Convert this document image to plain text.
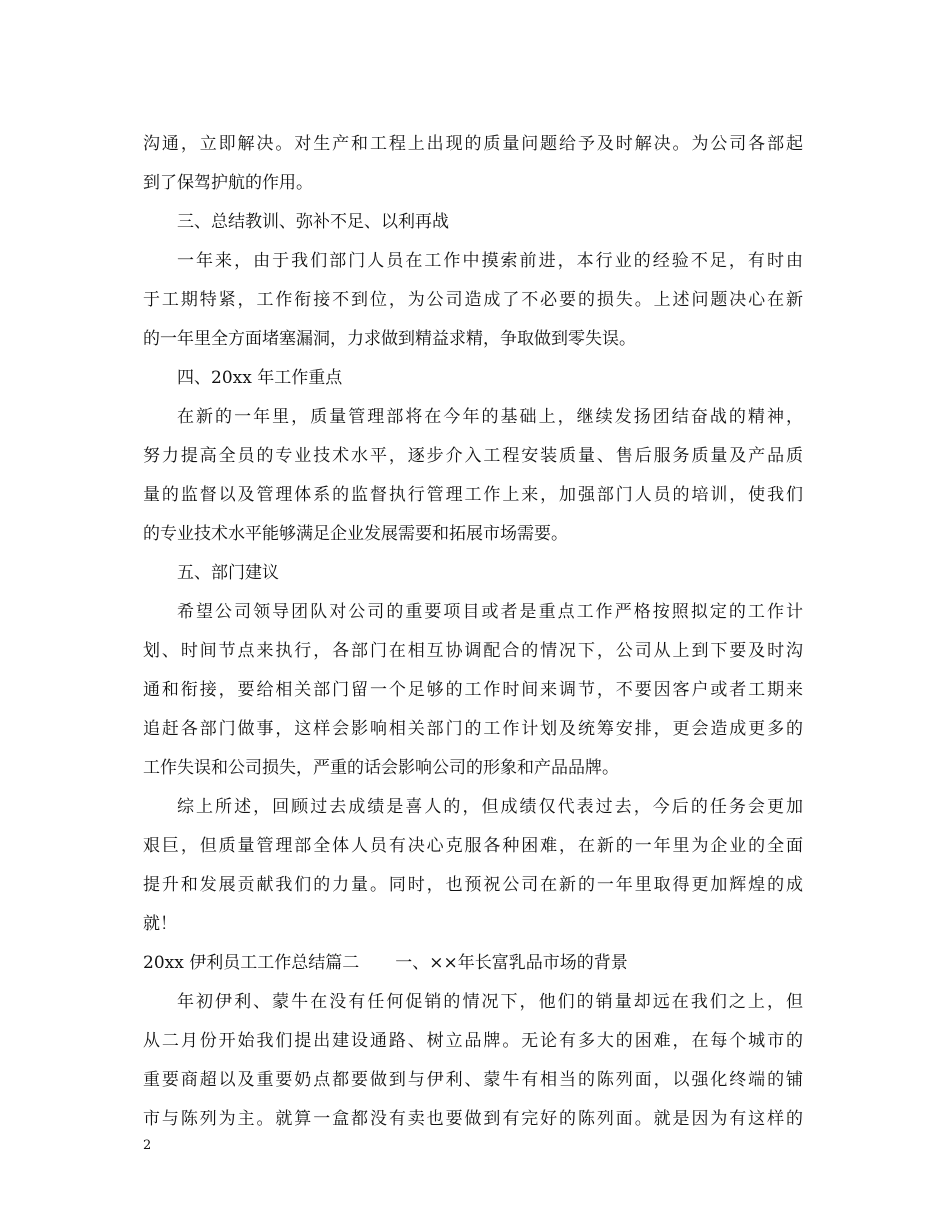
沟通，立即解决。对生产和工程上出现的质量问题给予及时解决。为公司各部起
到了保驾护航的作用。
三、总结教训、弥补不足、以利再战
一年来，由于我们部门人员在工作中摸索前进，本行业的经验不足，有时由
于工期特紧，工作衔接不到位，为公司造成了不必要的损失。上述问题决心在新
的一年里全方面堵塞漏洞，力求做到精益求精，争取做到零失误。
四、20xx 年工作重点
在新的一年里，质量管理部将在今年的基础上，继续发扬团结奋战的精神，
努力提高全员的专业技术水平，逐步介入工程安装质量、售后服务质量及产品质
量的监督以及管理体系的监督执行管理工作上来，加强部门人员的培训，使我们
的专业技术水平能够满足企业发展需要和拓展市场需要。
五、部门建议
希望公司领导团队对公司的重要项目或者是重点工作严格按照拟定的工作计
划、时间节点来执行，各部门在相互协调配合的情况下，公司从上到下要及时沟
通和衔接，要给相关部门留一个足够的工作时间来调节，不要因客户或者工期来
追赶各部门做事，这样会影响相关部门的工作计划及统筹安排，更会造成更多的
工作失误和公司损失，严重的话会影响公司的形象和产品品牌。
综上所述，回顾过去成绩是喜人的，但成绩仅代表过去，今后的任务会更加
艰巨，但质量管理部全体人员有决心克服各种困难，在新的一年里为企业的全面
提升和发展贡献我们的力量。同时，也预祝公司在新的一年里取得更加辉煌的成
就！
20xx 伊利员工工作总结篇二 一、××年长富乳品市场的背景
年初伊利、蒙牛在没有任何促销的情况下，他们的销量却远在我们之上，但
从二月份开始我们提出建设通路、树立品牌。无论有多大的困难，在每个城市的
重要商超以及重要奶点都要做到与伊利、蒙牛有相当的陈列面，以强化终端的铺
市与陈列为主。就算一盒都没有卖也要做到有完好的陈列面。就是因为有这样的
2
